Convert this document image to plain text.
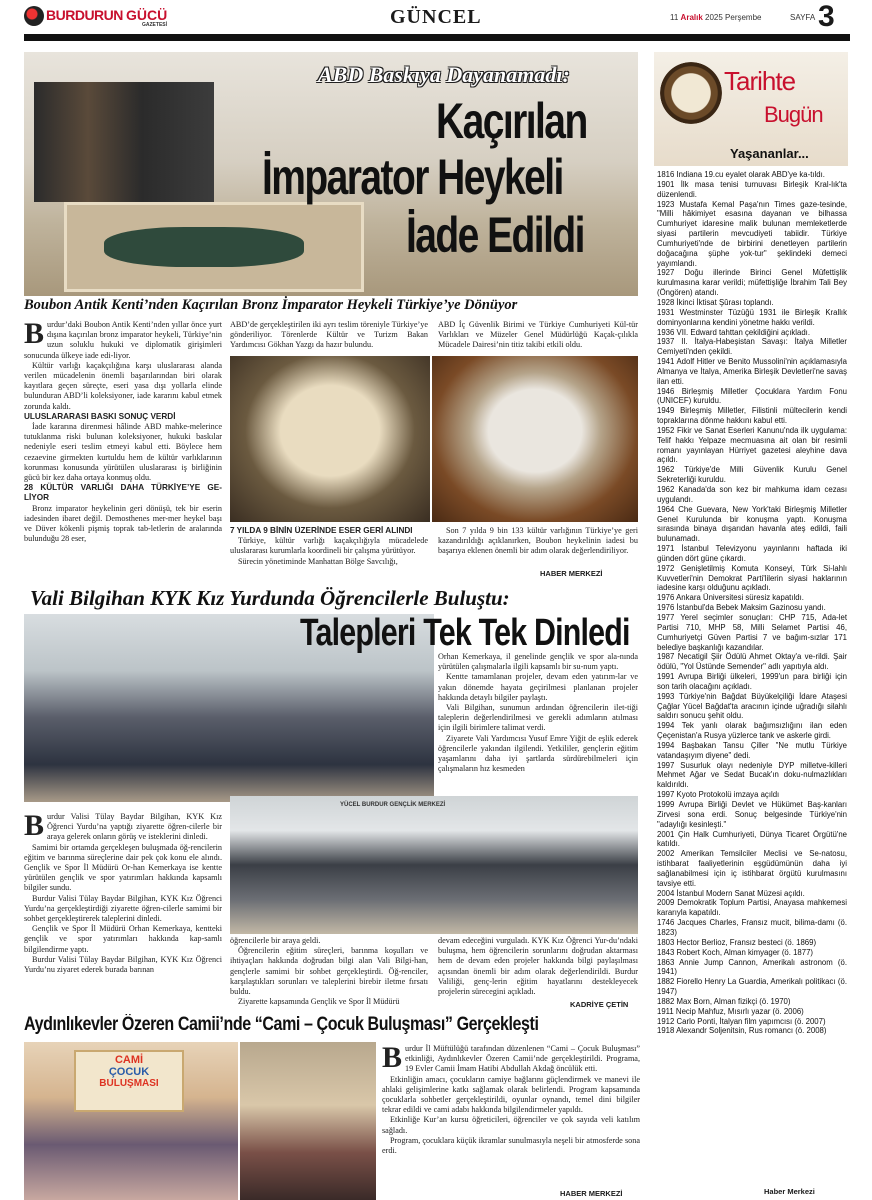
BURDURUN GÜCÜ
GAZETESİ	GÜNCEL	11 Aralık 2025 Perşembe	SAYFA 3
ABD Baskıya Dayanamadı:
Kaçırılan
İmparator Heykeli
İade Edildi
Boubon Antik Kenti’nden Kaçırılan Bronz İmparator Heykeli Türkiye’ye Dönüyor
B urdur’daki Boubon Antik Kenti’nden yıllar önce yurt dışına kaçırılan bronz imparator heykeli, Türkiye’nin uzun soluklu hukuki ve diplomatik girişimleri sonucunda ülkeye iade edi-liyor.

Kültür varlığı kaçakçılığına karşı uluslararası alanda verilen mücadelenin önemli başarılarından biri olarak kayıtlara geçen süreçte, eseri yasa dışı yollarla elinde bulunduran ABD’li koleksiyoner, iade kararını kabul etmek zorunda kaldı.

ULUSLARARASI BASKI SONUÇ VERDİ

İade kararına direnmesi hâlinde ABD mahke-melerince tutuklanma riski bulunan koleksiyoner, hukuki baskılar nedeniyle eseri teslim etmeyi kabul etti. Böylece hem cezaevine girmekten kurtuldu hem de kültür varlıklarının korunması konusunda yürütülen uluslararası iş birliğinin gücü bir kez daha ortaya konmuş oldu.

28 KÜLTÜR VARLIĞI DAHA TÜRKİYE’YE GE-LİYOR

Bronz imparator heykelinin geri dönüşü, tek bir eserin iadesinden ibaret değil. Demosthenes mer-mer heykel başı ve Düver kökenli pişmiş toprak tab-letlerin de aralarında bulunduğu 28 eser,

ABD’de gerçekleştirilen iki ayrı teslim töreniyle Türkiye’ye gönderiliyor. Törenlerde Kültür ve Turizm Bakan Yardımcısı Gökhan Yazgı da hazır bulundu.

ABD İç Güvenlik Birimi ve Türkiye Cumhuriyeti Kül-tür Varlıkları ve Müzeler Genel Müdürlüğü Kaçak-çılıkla Mücadele Dairesi’nin titiz takibi etkili oldu.

7 YILDA 9 BİNİN ÜZERİNDE ESER GERİ ALINDI

Türkiye, kültür varlığı kaçakçılığıyla mücadelede uluslararası kurumlarla koordineli bir çalışma yürütüyor.

Sürecin yönetiminde Manhattan Bölge Savcılığı,

Son 7 yılda 9 bin 133 kültür varlığının Türkiye’ye geri kazandırıldığı açıklanırken, Boubon heykelinin iadesi bu başarıya eklenen önemli bir adım olarak değerlendiriliyor.

HABER MERKEZİ
Vali Bilgihan KYK Kız Yurdunda Öğrencilerle Buluştu:
Talepleri Tek Tek Dinledi

Orhan Kemerkaya, il genelinde gençlik ve spor ala-nında yürütülen çalışmalarla ilgili kapsamlı bir su-num yaptı.

Kentte tamamlanan projeler, devam eden yatırım-lar ve yakın dönemde hayata geçirilmesi planlanan projeler hakkında detaylı bilgiler paylaştı.

Vali Bilgihan, sunumun ardından öğrencilerin ilet-tiği taleplerin değerlendirilmesi ve gerekli adımların atılması için ilgili birimlere talimat verdi.

Ziyarete Vali Yardımcısı Yusuf Emre Yiğit de eşlik ederek öğrencilerle yakından ilgilendi. Yetkililer, gençlerin eğitim yaşamlarını daha iyi şartlarda sürdürebilmeleri için çalışmaların hız kesmeden

YÜCEL BURDUR GENÇLİK MERKEZİ
B urdur Valisi Tülay Baydar Bilgihan, KYK Kız Öğrenci Yurdu’na yaptığı ziyarette öğren-cilerle bir araya gelerek onların görüş ve isteklerini dinledi.

Samimi bir ortamda gerçekleşen buluşmada öğ-rencilerin eğitim ve barınma süreçlerine dair pek çok konu ele alındı. Gençlik ve Spor İl Müdürü Or-han Kemerkaya ise kentte yürütülen gençlik ve spor yatırımları hakkında kapsamlı bilgiler sundu.

Burdur Valisi Tülay Baydar Bilgihan, KYK Kız Öğrenci Yurdu’na gerçekleştirdiği ziyarette öğren-cilerle samimi bir sohbet gerçekleştirerek taleplerini dinledi.

Gençlik ve Spor İl Müdürü Orhan Kemerkaya, kentteki gençlik ve spor yatırımları hakkında kap-samlı bilgilendirme yaptı.

Burdur Valisi Tülay Baydar Bilgihan, KYK Kız Öğrenci Yurdu’nu ziyaret ederek burada barınan

öğrencilerle bir araya geldi.

Öğrencilerin eğitim süreçleri, barınma koşulları ve ihtiyaçları hakkında doğrudan bilgi alan Vali Bilgi-han, gençlerle samimi bir sohbet gerçekleştirdi. Öğ-renciler, karşılaştıkları sorunları ve taleplerini birebir iletme fırsatı buldu.

Ziyarette kapsamında Gençlik ve Spor İl Müdürü

devam edeceğini vurguladı. KYK Kız Öğrenci Yur-du’ndaki buluşma, hem öğrencilerin sorunlarını doğrudan aktarması hem de devam eden projeler hakkında bilgi paylaşılması açısından önemli bir adım olarak değerlendirildi. Burdur Valiliği, genç-lerin eğitim hayatlarını destekleyecek projelerin sürecegini açıkladı.

KADRİYE ÇETİN
Aydınlıkevler Özeren Camii’nde “Cami – Çocuk Buluşması” Gerçekleşti
CAMİ
ÇOCUK
BULUŞMASI
B urdur İl Müftülüğü tarafından düzenlenen “Cami – Çocuk Buluşması” etkinliği, Aydınlıkevler Özeren Camii’nde gerçekleştirildi. Programa, 19 Evler Camii İmam Hatibi Abdullah Akdağ öncülük etti.

Etkinliğin amacı, çocukların camiye bağlarını güçlendirmek ve manevi ile ahlaki gelişimlerine katkı sağlamak olarak belirlendi. Program kapsamında çocuklarla sohbetler gerçekleştirildi, oyunlar oynandı, temel dini bilgiler tekrar edildi ve cami adabı hakkında bilgilendirmeler yapıldı.

Etkinliğe Kur’an kursu öğreticileri, öğrenciler ve çok sayıda veli katılım sağladı.

Program, çocuklara küçük ikramlar sunulmasıyla neşeli bir atmosferde sona erdi.

HABER MERKEZİ
Tarihte
Bugün
Yaşananlar...
1816 Indiana 19.cu eyalet olarak ABD'ye ka-tıldı.
1901 İlk masa tenisi turnuvası Birleşik Kral-lık'ta düzenlendi.
1923 Mustafa Kemal Paşa'nın Times gaze-tesinde, "Milli hâkimiyet esasına dayanan ve bilhassa Cumhuriyet idaresine malik bulunan memleketlerde siyasi partilerin mevcudiyeti tabiidir. Türkiye Cumhuriyeti'nde de birbirini denetleyen partilerin doğacağına şüphe yok-tur" şeklindeki demeci yayımlandı.
1927 Doğu illerinde Birinci Genel Müfettişlik kurulmasına karar verildi; müfettişliğe İbrahim Tali Bey (Öngören) atandı.
1928 İkinci İktisat Şûrası toplandı.
1931 Westminster Tüzüğü 1931 ile Birleşik Krallık dominyonlarına kendini yönetme hakkı verildi.
1936 VII. Edward tahttan çekildiğini açıkladı.
1937 II. İtalya-Habeşistan Savaşı: İtalya Milletler Cemiyeti'nden çekildi.
1941 Adolf Hitler ve Benito Mussolini'nin açıklamasıyla Almanya ve İtalya, Amerika Birleşik Devletleri'ne savaş ilan etti.
1946 Birleşmiş Milletler Çocuklara Yardım Fonu (UNICEF) kuruldu.
1949 Birleşmiş Milletler, Filistinli mültecilerin kendi topraklarına dönme hakkını kabul etti.
1952 Fikir ve Sanat Eserleri Kanunu'nda ilk uygulama: Telif hakkı Yelpaze mecmuasına ait olan bir resimli romanı yayınlayan Hürriyet gazetesi aleyhine dava açıldı.
1962 Türkiye'de Milli Güvenlik Kurulu Genel Sekreterliği kuruldu.
1962 Kanada'da son kez bir mahkuma idam cezası uygulandı.
1964 Che Guevara, New York'taki Birleşmiş Milletler Genel Kurulunda bir konuşma yaptı. Konuşma sırasında binaya dışarıdan havanla ateş edildi, faili bulunamadı.
1971 İstanbul Televizyonu yayınlarını haftada iki günden dört güne çıkardı.
1972 Genişletilmiş Komuta Konseyi, Türk Si-lahlı Kuvvetleri'nin Demokrat Parti'lilerin siyasi haklarının iadesine karşı olduğunu açıkladı.
1976 Ankara Üniversitesi süresiz kapatıldı.
1976 İstanbul'da Bebek Maksim Gazinosu yandı.
1977 Yerel seçimler sonuçları: CHP 715, Ada-let Partisi 710, MHP 58, Milli Selamet Partisi 46, Cumhuriyetçi Güven Partisi 7 ve bağım-sızlar 171 belediye başkanlığı kazandılar.
1987 Necatigil Şiir Ödülü Ahmet Oktay'a ve-rildi. Şair ödülü, "Yol Üstünde Semender" adlı yapıtıyla aldı.
1991 Avrupa Birliği ülkeleri, 1999'un para birliği için son tarih olacağını açıkladı.
1993 Türkiye'nin Bağdat Büyükelçiliği İdare Ataşesi Çağlar Yücel Bağdat'ta aracının içinde uğradığı silahlı saldırı sonucu şehit oldu.
1994 Tek yanlı olarak bağımsızlığını ilan eden Çeçenistan'a Rusya yüzlerce tank ve askerle girdi.
1994 Başbakan Tansu Çiller "Ne mutlu Türkiye vatandaşıyım diyene" dedi.
1997 Susurluk olayı nedeniyle DYP milletve-killeri Mehmet Ağar ve Sedat Bucak'ın doku-nulmazlıkları kaldırıldı.
1997 Kyoto Protokolü imzaya açıldı
1999 Avrupa Birliği Devlet ve Hükümet Baş-kanları Zirvesi sona erdi. Sonuç belgesinde Türkiye'nin "adaylığı kesinleşti."
2001 Çin Halk Cumhuriyeti, Dünya Ticaret Örgütü'ne katıldı.
2002 Amerikan Temsilciler Meclisi ve Se-natosu, istihbarat faaliyetlerinin eşgüdümünün daha iyi sağlanabilmesi için iç istihbarat örgütü kurulmasını tavsiye etti.
2004 İstanbul Modern Sanat Müzesi açıldı.
2009 Demokratik Toplum Partisi, Anayasa mahkemesi kararıyla kapatıldı.
1746 Jacques Charles, Fransız mucit, bilima-damı (ö. 1823)
1803 Hector Berlioz, Fransız besteci (ö. 1869)
1843 Robert Koch, Alman kimyager (ö. 1877)
1863 Annie Jump Cannon, Amerikalı astronom (ö. 1941)
1882 Fiorello Henry La Guardia, Amerikalı politikacı (ö. 1947)
1882 Max Born, Alman fizikçi (ö. 1970)
1911 Necip Mahfuz, Mısırlı yazar (ö. 2006)
1912 Carlo Ponti, İtalyan film yapımcısı (ö. 2007)
1918 Alexandr Soljenitsin, Rus romancı (ö. 2008)
Haber Merkezi
